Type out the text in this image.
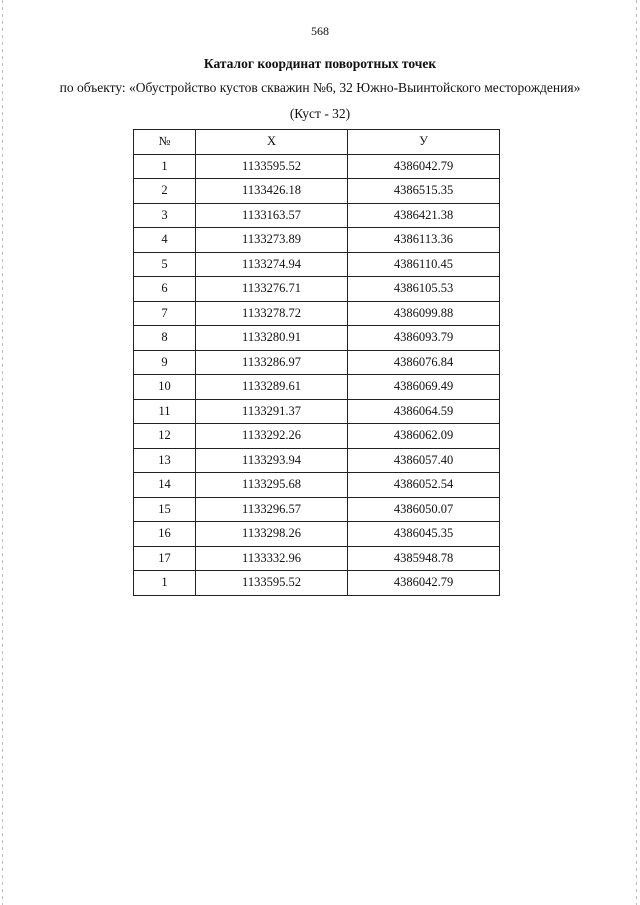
568
Каталог координат поворотных точек
по объекту: «Обустройство кустов скважин №6, 32 Южно-Выинтойского месторождения»
(Куст - 32)
№	X	У
1	1133595.52	4386042.79
2	1133426.18	4386515.35
3	1133163.57	4386421.38
4	1133273.89	4386113.36
5	1133274.94	4386110.45
6	1133276.71	4386105.53
7	1133278.72	4386099.88
8	1133280.91	4386093.79
9	1133286.97	4386076.84
10	1133289.61	4386069.49
11	1133291.37	4386064.59
12	1133292.26	4386062.09
13	1133293.94	4386057.40
14	1133295.68	4386052.54
15	1133296.57	4386050.07
16	1133298.26	4386045.35
17	1133332.96	4385948.78
1	1133595.52	4386042.79
